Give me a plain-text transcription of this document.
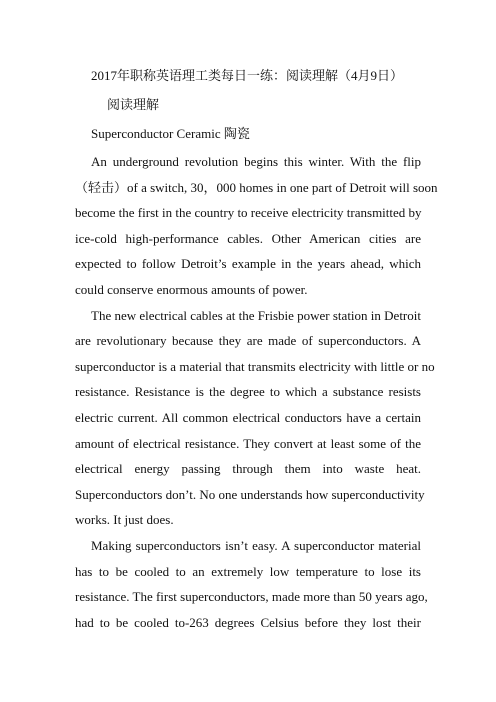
2017年职称英语理工类每日一练：阅读理解（4月9日）
阅读理解
Superconductor Ceramic 陶瓷
An underground revolution begins this winter. With the flip
（轻击）of a switch, 30，000 homes in one part of Detroit will soon
become the first in the country to receive electricity transmitted by
ice-cold high-performance cables. Other American cities are
expected to follow Detroit’s example in the years ahead, which
could conserve enormous amounts of power.
The new electrical cables at the Frisbie power station in Detroit
are revolutionary because they are made of superconductors. A
superconductor is a material that transmits electricity with little or no
resistance. Resistance is the degree to which a substance resists
electric current. All common electrical conductors have a certain
amount of electrical resistance. They convert at least some of the
electrical energy passing through them into waste heat.
Superconductors don’t. No one understands how superconductivity
works. It just does.
Making superconductors isn’t easy. A superconductor material
has to be cooled to an extremely low temperature to lose its
resistance. The first superconductors, made more than 50 years ago,
had to be cooled to-263 degrees Celsius before they lost their
